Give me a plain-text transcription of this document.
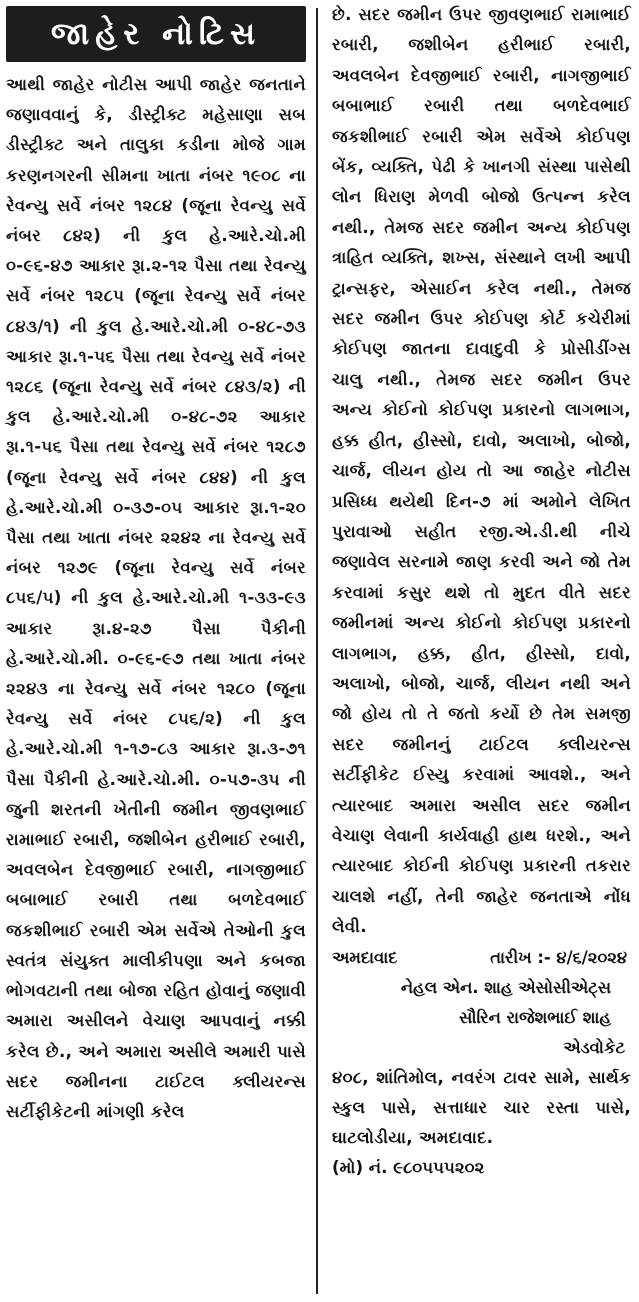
જાહેર નોટિસ

આથી જાહેર નોટીસ આપી જાહેર જનતાને જણાવવાનું કે, ડીસ્ટ્રીક્ટ મહેસાણા સબ ડીસ્ટ્રીક્ટ અને તાલુકા કડીના મોજે ગામ કરણનગરની સીમના ખાતા નંબર ૧૯૦૮ ના રેવન્યુ સર્વે નંબર ૧૨૮૪ (જૂના રેવન્યુ સર્વે નંબર ૮૪૨) ની કુલ હે.આરે.ચો.મી ૦-૯૬-૪૭ આકાર રૂા.૨-૧૨ પૈસા તથા રેવન્યુ સર્વે નંબર ૧૨૮૫ (જૂના રેવન્યુ સર્વે નંબર ૮૪૩/૧) ની કુલ હે.આરે.ચો.મી ૦-૪૮-૭૩ આકાર રૂા.૧-૫૬ પૈસા તથા રેવન્યુ સર્વે નંબર ૧૨૮૬ (જૂના રેવન્યુ સર્વે નંબર ૮૪૩/૨) ની કુલ હે.આરે.ચો.મી ૦-૪૮-૭૨ આકાર રૂા.૧-૫૬ પૈસા તથા રેવન્યુ સર્વે નંબર ૧૨૮૭ (જૂના રેવન્યુ સર્વે નંબર ૮૪૪) ની કુલ હે.આરે.ચો.મી ૦-૩૭-૦૫ આકાર રૂા.૧-૨૦ પૈસા તથા ખાતા નંબર ૨૨૪૨ ના રેવન્યુ સર્વે નંબર ૧૨૭૯ (જૂના રેવન્યુ સર્વે નંબર ૮૫૬/૫) ની કુલ હે.આરે.ચો.મી ૧-૩૩-૯૩ આકાર રૂા.૪-૨૭ પૈસા પૈકીની હે.આરે.ચો.મી. ૦-૯૬-૯૭ તથા ખાતા નંબર ૨૨૪૩ ના રેવન્યુ સર્વે નંબર ૧૨૮૦ (જૂના રેવન્યુ સર્વે નંબર ૮૫૬/૨) ની કુલ હે.આરે.ચો.મી ૧-૧૭-૮૩ આકાર રૂા.૩-૭૧ પૈસા પૈકીની હે.આરે.ચો.મી. ૦-૫૭-૩૫ ની જુની શરતની ખેતીની જમીન જીવણભાઈ રામાભાઈ રબારી, જશીબેન હરીભાઈ રબારી, અવલબેન દેવજીભાઈ રબારી, નાગજીભાઈ બબાભાઈ રબારી તથા બળદેવભાઈ જકશીભાઈ રબારી એમ સર્વેએ તેઓની કુલ સ્વતંત્ર સંયુક્ત માલીકીપણા અને કબજા ભોગવટાની તથા બોજા રહિત હોવાનું જણાવી અમારા અસીલને વેચાણ આપવાનું નક્કી કરેલ છે., અને અમારા અસીલે અમારી પાસે સદર જમીનના ટાઈટલ ક્લીયરન્સ સર્ટીફીકેટની માંગણી કરેલ

છે. સદર જમીન ઉપર જીવણભાઈ રામાભાઈ રબારી, જશીબેન હરીભાઈ રબારી, અવલબેન દેવજીભાઈ રબારી, નાગજીભાઈ બબાભાઈ રબારી તથા બળદેવભાઈ જકશીભાઈ રબારી એમ સર્વેએ કોઈપણ બેંક, વ્યક્તિ, પેઢી કે ખાનગી સંસ્થા પાસેથી લોન ધિરાણ મેળવી બોજો ઉત્પન્ન કરેલ નથી., તેમજ સદર જમીન અન્ય કોઈપણ ત્રાહિત વ્યક્તિ, શખ્સ, સંસ્થાને લખી આપી ટ્રાન્સફર, એસાઈન કરેલ નથી., તેમજ સદર જમીન ઉપર કોઈપણ કોર્ટ કચેરીમાં કોઈપણ જાતના દાવાદુવી કે પ્રોસીડીંગ્સ ચાલુ નથી., તેમજ સદર જમીન ઉપર અન્ય કોઈનો કોઈપણ પ્રકારનો લાગભાગ, હક્ક હીત, હીસ્સો, દાવો, અલાખો, બોજો, ચાર્જ, લીયન હોય તો આ જાહેર નોટીસ પ્રસિધ્ધ થયેથી દિન-૭ માં અમોને લેખિત પુરાવાઓ સહીત રજી.એ.ડી.થી નીચે જણાવેલ સરનામે જાણ કરવી અને જો તેમ કરવામાં કસુર થશે તો મુદત વીતે સદર જમીનમાં અન્ય કોઈનો કોઈપણ પ્રકારનો લાગભાગ, હક્ક, હીત, હીસ્સો, દાવો, અલાખો, બોજો, ચાર્જ, લીયન નથી અને જો હોય તો તે જતો કર્યો છે તેમ સમજી સદર જમીનનું ટાઈટલ ક્લીયરન્સ સર્ટીફીકેટ ઈસ્યુ કરવામાં આવશે., અને ત્યારબાદ અમારા અસીલ સદર જમીન વેચાણ લેવાની કાર્યવાહી હાથ ધરશે., અને ત્યારબાદ કોઈની કોઈપણ પ્રકારની તકરાર ચાલશે નહીં, તેની જાહેર જનતાએ નોંધ લેવી.

અમદાવાદ	તારીખ :- ૪/૬/૨૦૨૪
નેહલ એન. શાહ એસોસીએટ્સ
સૌરિન રાજેશભાઈ શાહ
એડવોકેટ

૪૦૮, શાંતિમોલ, નવરંગ ટાવર સામે, સાર્થક સ્કુલ પાસે, સત્તાધાર ચાર રસ્તા પાસે, ઘાટલોડીયા, અમદાવાદ.

(મો) નં. ૯૮૦૫૫૫૨૦૨
